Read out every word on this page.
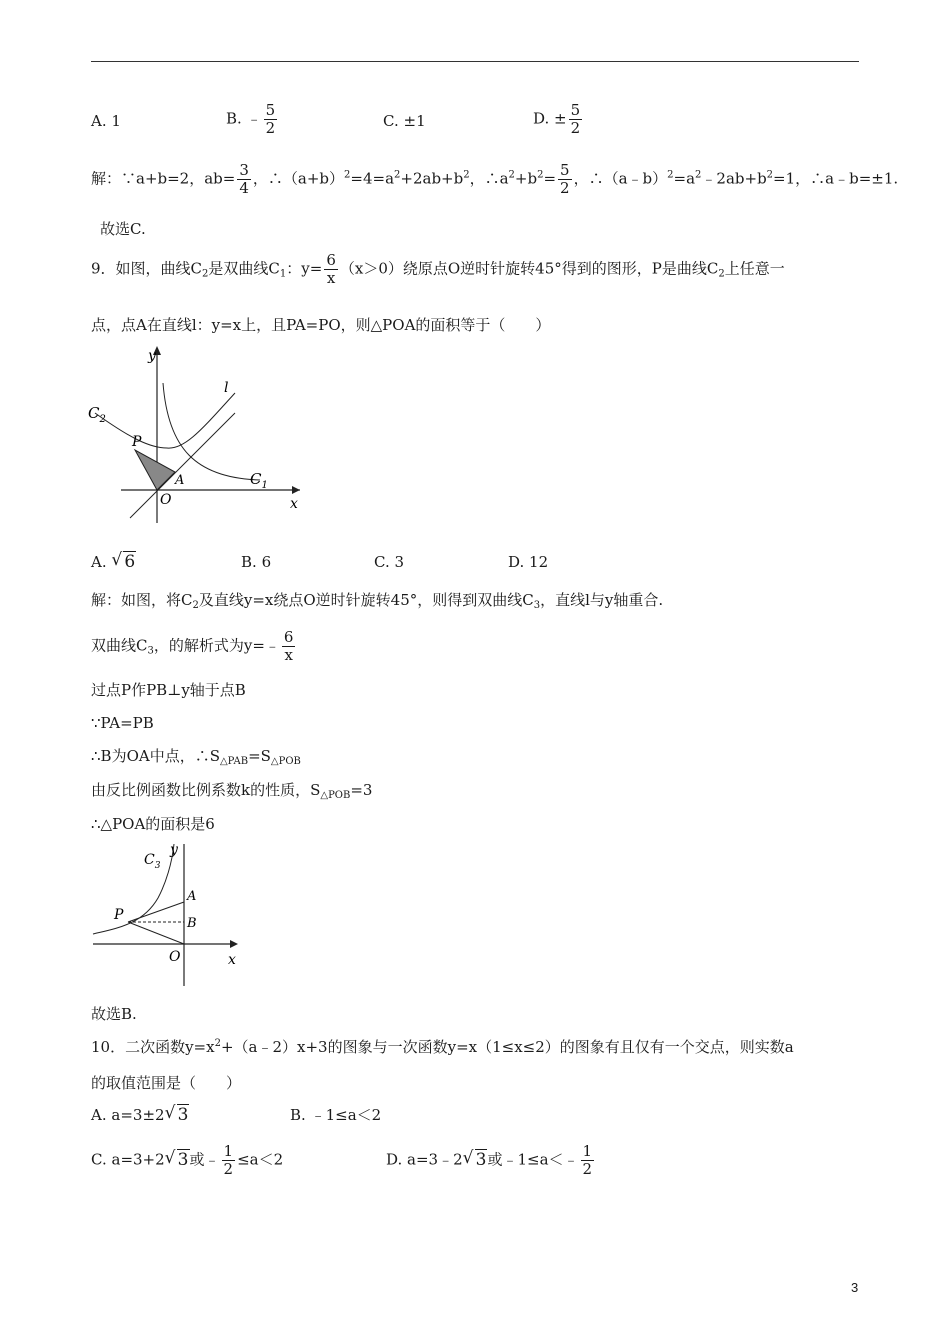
A. 1	B. ﹣ $\frac{5}{2}$	C. ±1	D. ± $\frac{5}{2}$
解：∵a+b=2，$ab= \frac{3}{4}$ ，$\therefore(a+b)^2=4=a^2+2ab+b^2$，$\therefore a^2+b^2= \frac{5}{2}$ ，$\therefore(a﹣b)^2=a^2﹣2ab+b^2=1$，∴a﹣b=±1.
故选C.
9．如图，曲线$C_2$是双曲线$C_1$：$y= \frac{6}{x} (x>0)$绕原点O逆时针旋转45°得到的图形，P是曲线$C_2$上任意一
点，点A在直线l：y=x上，且PA=PO，则△POA的面积等于（　　）
y
x
O
P
A
l
$C_1$
$C_2$
A. √ 6	B. 6	C. 3	D. 12
解：如图，将$C_2$及直线y=x绕点O逆时针旋转45°，则得到双曲线$C_3$，直线l与y轴重合.
双曲线$C_3$，的解析式为y=﹣ $\frac{6}{x}$
过点P作PB⊥y轴于点B
∵PA=PB
∴B为OA中点，$\therefore S_{\triangle PAB}=S_{\triangle POB}$
由反比例函数比例系数k的性质，$S_{\triangle POB}=3$
∴△POA的面积是6
$C_3$
y
x
A
B
P
O
故选B.
10．二次函数$y=x^2+(a﹣2)x+3$的图象与一次函数y=x（1≤x≤2）的图象有且仅有一个交点，则实数a
的取值范围是（　　）
A. a=3±2 √ 3	B. ﹣1≤a＜2
C. a=3+2 √ 3或﹣ $\frac{1}{2} \le a<2$	D. a=3﹣2 √ 3或﹣1≤a＜﹣ $\frac{1}{2}$
3
